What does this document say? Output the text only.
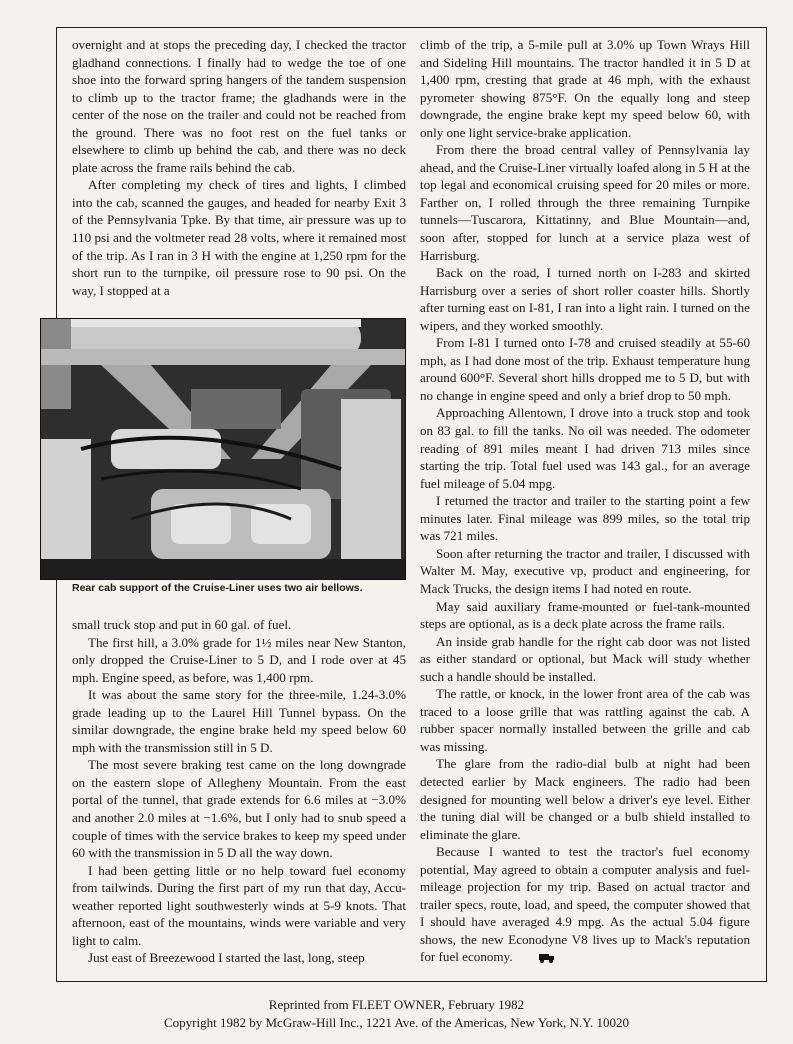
overnight and at stops the preceding day, I checked the tractor gladhand connections. I finally had to wedge the toe of one shoe into the forward spring hangers of the tandem suspension to climb up to the tractor frame; the gladhands were in the center of the nose on the trailer and could not be reached from the ground. There was no foot rest on the fuel tanks or elsewhere to climb up behind the cab, and there was no deck plate across the frame rails behind the cab.

After completing my check of tires and lights, I climbed into the cab, scanned the gauges, and headed for nearby Exit 3 of the Pennsylvania Tpke. By that time, air pressure was up to 110 psi and the voltmeter read 28 volts, where it remained most of the trip. As I ran in 3 H with the engine at 1,250 rpm for the short run to the turnpike, oil pressure rose to 90 psi. On the way, I stopped at a

Rear cab support of the Cruise-Liner uses two air bellows.

small truck stop and put in 60 gal. of fuel.

The first hill, a 3.0% grade for 1½ miles near New Stanton, only dropped the Cruise-Liner to 5 D, and I rode over at 45 mph. Engine speed, as before, was 1,400 rpm.

It was about the same story for the three-mile, 1.24-3.0% grade leading up to the Laurel Hill Tunnel bypass. On the similar downgrade, the engine brake held my speed below 60 mph with the transmission still in 5 D.

The most severe braking test came on the long downgrade on the eastern slope of Allegheny Mountain. From the east portal of the tunnel, that grade extends for 6.6 miles at −3.0% and another 2.0 miles at −1.6%, but I only had to snub speed a couple of times with the service brakes to keep my speed under 60 with the transmission in 5 D all the way down.

I had been getting little or no help toward fuel economy from tailwinds. During the first part of my run that day, Accu-weather reported light southwesterly winds at 5-9 knots. That afternoon, east of the mountains, winds were variable and very light to calm.

Just east of Breezewood I started the last, long, steep

climb of the trip, a 5-mile pull at 3.0% up Town Wrays Hill and Sideling Hill mountains. The tractor handled it in 5 D at 1,400 rpm, cresting that grade at 46 mph, with the exhaust pyrometer showing 875°F. On the equally long and steep downgrade, the engine brake kept my speed below 60, with only one light service-brake application.

From there the broad central valley of Pennsylvania lay ahead, and the Cruise-Liner virtually loafed along in 5 H at the top legal and economical cruising speed for 20 miles or more. Farther on, I rolled through the three remaining Turnpike tunnels—Tuscarora, Kittatinny, and Blue Mountain—and, soon after, stopped for lunch at a service plaza west of Harrisburg.

Back on the road, I turned north on I-283 and skirted Harrisburg over a series of short roller coaster hills. Shortly after turning east on I-81, I ran into a light rain. I turned on the wipers, and they worked smoothly.

From I-81 I turned onto I-78 and cruised steadily at 55-60 mph, as I had done most of the trip. Exhaust temperature hung around 600°F. Several short hills dropped me to 5 D, but with no change in engine speed and only a brief drop to 50 mph.

Approaching Allentown, I drove into a truck stop and took on 83 gal. to fill the tanks. No oil was needed. The odometer reading of 891 miles meant I had driven 713 miles since starting the trip. Total fuel used was 143 gal., for an average fuel mileage of 5.04 mpg.

I returned the tractor and trailer to the starting point a few minutes later. Final mileage was 899 miles, so the total trip was 721 miles.

Soon after returning the tractor and trailer, I discussed with Walter M. May, executive vp, product and engineering, for Mack Trucks, the design items I had noted en route.

May said auxiliary frame-mounted or fuel-tank-mounted steps are optional, as is a deck plate across the frame rails.

An inside grab handle for the right cab door was not listed as either standard or optional, but Mack will study whether such a handle should be installed.

The rattle, or knock, in the lower front area of the cab was traced to a loose grille that was rattling against the cab. A rubber spacer normally installed between the grille and cab was missing.

The glare from the radio-dial bulb at night had been detected earlier by Mack engineers. The radio had been designed for mounting well below a driver's eye level. Either the tuning dial will be changed or a bulb shield installed to eliminate the glare.

Because I wanted to test the tractor's fuel economy potential, May agreed to obtain a computer analysis and fuel-mileage projection for my trip. Based on actual tractor and trailer specs, route, load, and speed, the computer showed that I should have averaged 4.9 mpg. As the actual 5.04 figure shows, the new Econodyne V8 lives up to Mack's reputation for fuel economy.

Reprinted from FLEET OWNER, February 1982
Copyright 1982 by McGraw-Hill Inc., 1221 Ave. of the Americas, New York, N.Y. 10020
